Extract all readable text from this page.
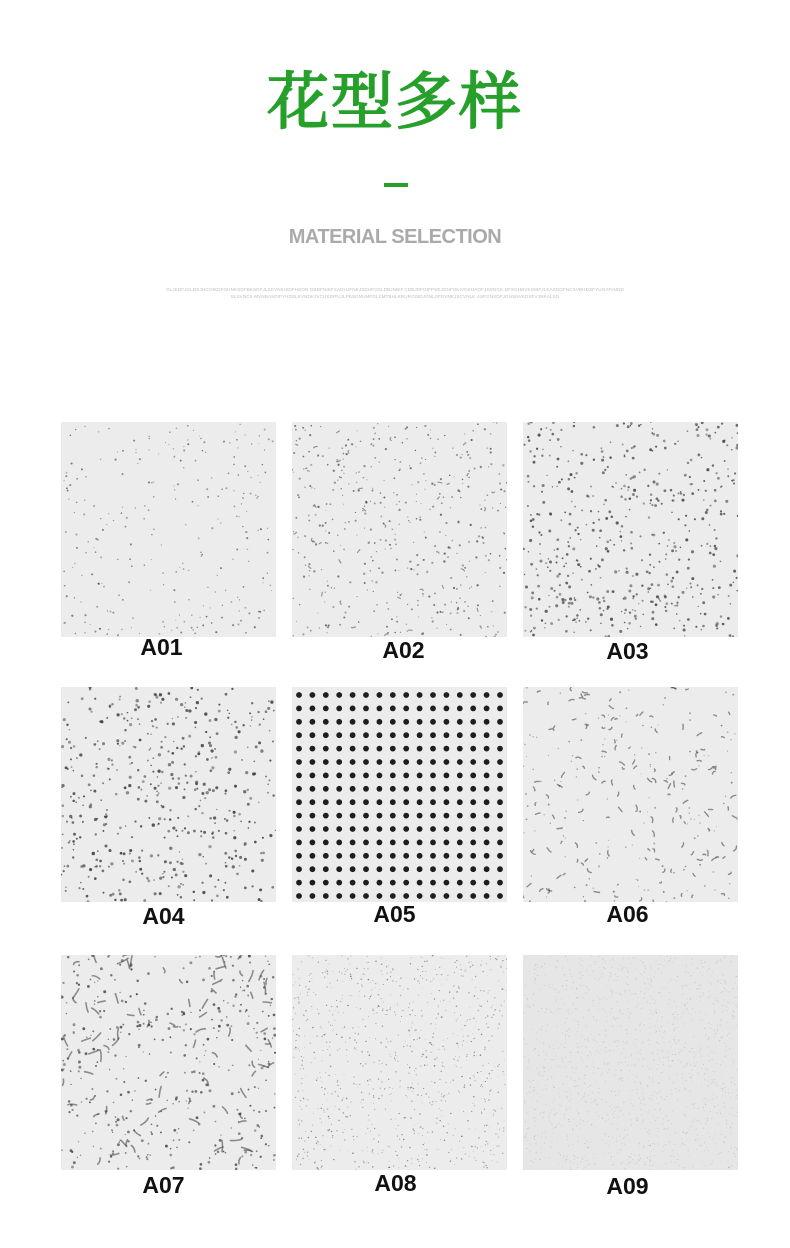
花型多样
MATERIAL SELECTION
OLJKDFJGLDSJHGOIKDFGHNKSDFBKSDFJLSDVNKISDFHSON.GBDFNIKFSADHJFNKJSDHFOSLDBJNIEF.CDBJDFOIFPSEJGNFDKIVOSUAOFJSDNGK.DFSGHBVKISBFJLKASDGFNCXVBHDXFYUOAFHJND
SLSVNCX.MVNBASDIFYHDSLKVNDKJVCHSDIFUJLFBSGNUMFDLSMTBHLKRURGISDJGNLSFDVNKJXCVNLK.ASFGNXDFJGHSNVKDSFVJNKALSO
A01	A02	A03
A04	A05	A06
A07	A08	A09
